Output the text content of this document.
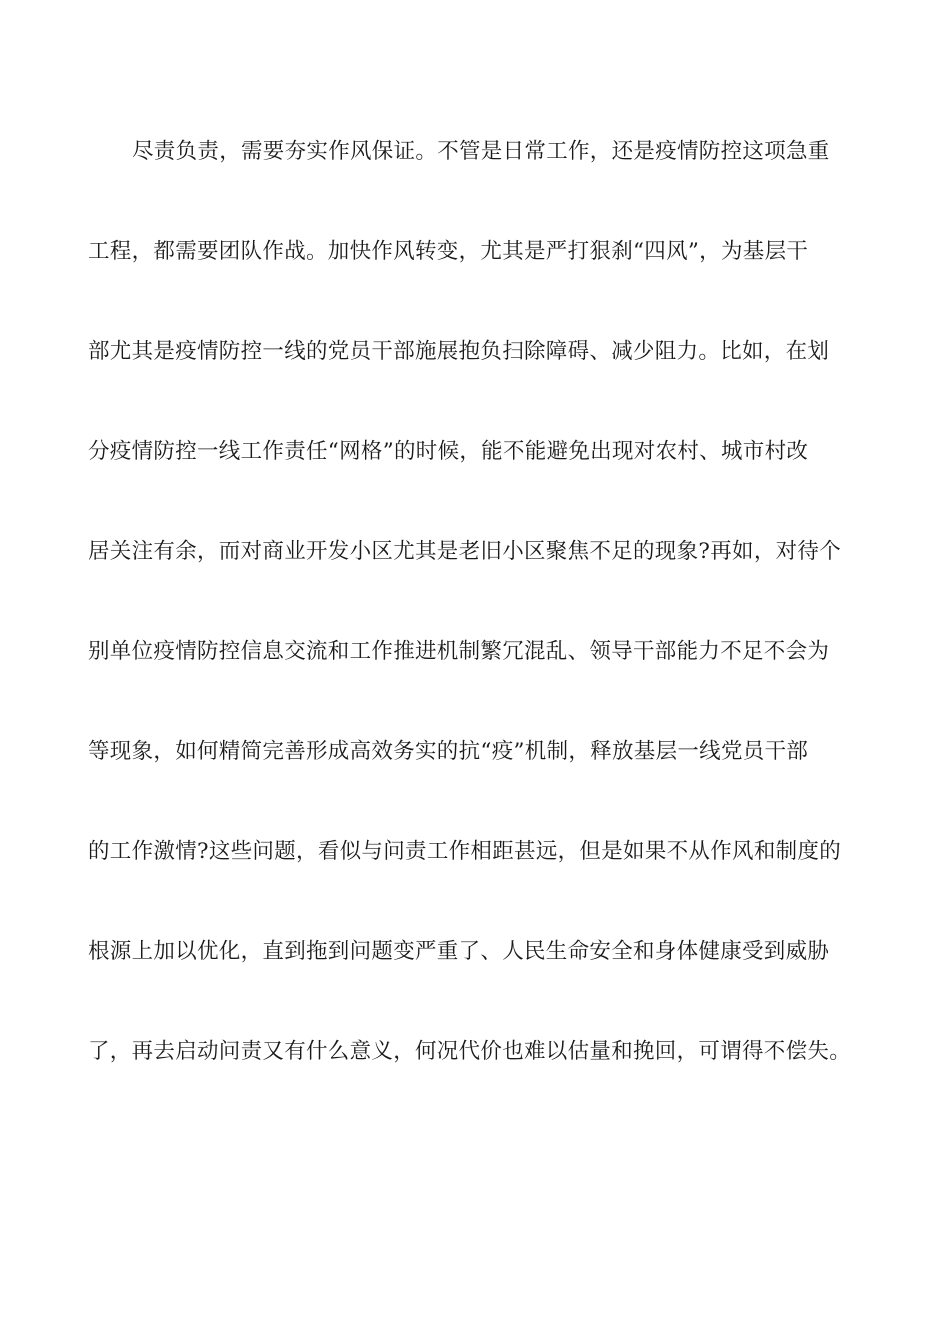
尽责负责，需要夯实作风保证。不管是日常工作，还是疫情防控这项急重
工程，都需要团队作战。加快作风转变，尤其是严打狠刹“四风”，为基层干
部尤其是疫情防控一线的党员干部施展抱负扫除障碍、减少阻力。比如，在划
分疫情防控一线工作责任“网格”的时候，能不能避免出现对农村、城市村改
居关注有余，而对商业开发小区尤其是老旧小区聚焦不足的现象?再如，对待个
别单位疫情防控信息交流和工作推进机制繁冗混乱、领导干部能力不足不会为
等现象，如何精简完善形成高效务实的抗“疫”机制，释放基层一线党员干部
的工作激情?这些问题，看似与问责工作相距甚远，但是如果不从作风和制度的
根源上加以优化，直到拖到问题变严重了、人民生命安全和身体健康受到威胁
了，再去启动问责又有什么意义，何况代价也难以估量和挽回，可谓得不偿失。
